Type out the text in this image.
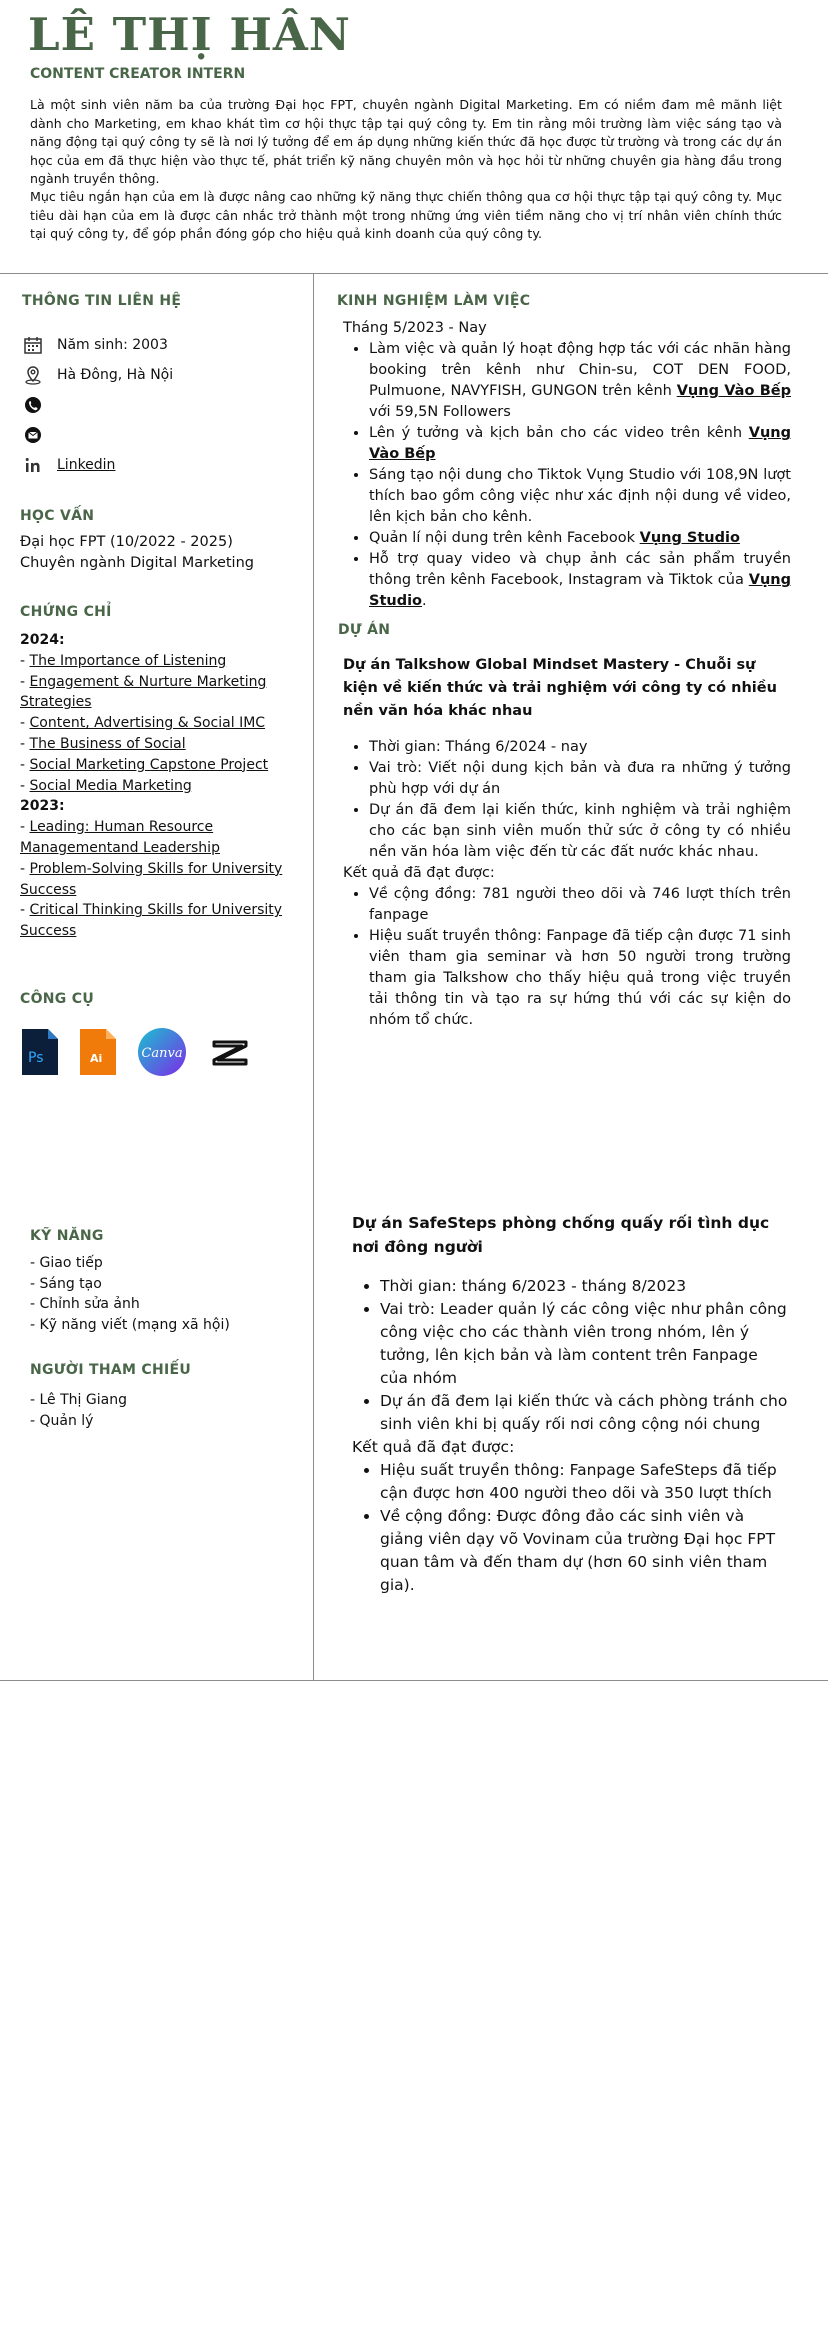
LÊ THỊ HÂN
CONTENT CREATOR INTERN

Là một sinh viên năm ba của trường Đại học FPT, chuyên ngành Digital Marketing. Em có niềm đam mê mãnh liệt dành cho Marketing, em khao khát tìm cơ hội thực tập tại quý công ty. Em tin rằng môi trường làm việc sáng tạo và năng động tại quý công ty sẽ là nơi lý tưởng để em áp dụng những kiến thức đã học được từ trường và trong các dự án học của em đã thực hiện vào thực tế, phát triển kỹ năng chuyên môn và học hỏi từ những chuyên gia hàng đầu trong ngành truyền thông.

Mục tiêu ngắn hạn của em là được nâng cao những kỹ năng thực chiến thông qua cơ hội thực tập tại quý công ty. Mục tiêu dài hạn của em là được cân nhắc trở thành một trong những ứng viên tiềm năng cho vị trí nhân viên chính thức tại quý công ty, để góp phần đóng góp cho hiệu quả kinh doanh của quý công ty.

THÔNG TIN LIÊN HỆ
Năm sinh: 2003
Hà Đông, Hà Nội
Linkedin
HỌC VẤN
Đại học FPT (10/2022 - 2025)
Chuyên ngành Digital Marketing
CHỨNG CHỈ
2024:
- The Importance of Listening
- Engagement & Nurture Marketing Strategies
- Content, Advertising & Social IMC
- The Business of Social
- Social Marketing Capstone Project
- Social Media Marketing
2023:
- Leading: Human Resource Managementand Leadership
- Problem-Solving Skills for University Success
- Critical Thinking Skills for University Success
CÔNG CỤ
Ps	Ai	Canva
KỸ NĂNG
- Giao tiếp
- Sáng tạo
- Chỉnh sửa ảnh
- Kỹ năng viết (mạng xã hội)
NGƯỜI THAM CHIẾU
- Lê Thị Giang
- Quản lý
KINH NGHIỆM LÀM VIỆC
Tháng 5/2023 - Nay
• Làm việc và quản lý hoạt động hợp tác với các nhãn hàng booking trên kênh như Chin-su, COT DEN FOOD, Pulmuone, NAVYFISH, GUNGON trên kênh Vụng Vào Bếp với 59,5N Followers
• Lên ý tưởng và kịch bản cho các video trên kênh Vụng Vào Bếp
• Sáng tạo nội dung cho Tiktok Vụng Studio với 108,9N lượt thích bao gồm công việc như xác định nội dung về video, lên kịch bản cho kênh.
• Quản lí nội dung trên kênh Facebook Vụng Studio
• Hỗ trợ quay video và chụp ảnh các sản phẩm truyền thông trên kênh Facebook, Instagram và Tiktok của Vụng Studio.
DỰ ÁN
Dự án Talkshow Global Mindset Mastery - Chuỗi sự kiện về kiến thức và trải nghiệm với công ty có nhiều nền văn hóa khác nhau
• Thời gian: Tháng 6/2024 - nay
• Vai trò: Viết nội dung kịch bản và đưa ra những ý tưởng phù hợp với dự án
• Dự án đã đem lại kiến thức, kinh nghiệm và trải nghiệm cho các bạn sinh viên muốn thử sức ở công ty có nhiều nền văn hóa làm việc đến từ các đất nước khác nhau.
Kết quả đã đạt được:
• Về cộng đồng: 781 người theo dõi và 746 lượt thích trên fanpage
• Hiệu suất truyền thông: Fanpage đã tiếp cận được 71 sinh viên tham gia seminar và hơn 50 người trong trường tham gia Talkshow cho thấy hiệu quả trong việc truyền tải thông tin và tạo ra sự hứng thú với các sự kiện do nhóm tổ chức.
Dự án SafeSteps phòng chống quấy rối tình dục nơi đông người
• Thời gian: tháng 6/2023 - tháng 8/2023
• Vai trò: Leader quản lý các công việc như phân công công việc cho các thành viên trong nhóm, lên ý tưởng, lên kịch bản và làm content trên Fanpage của nhóm
• Dự án đã đem lại kiến thức và cách phòng tránh cho sinh viên khi bị quấy rối nơi công cộng nói chung
Kết quả đã đạt được:
• Hiệu suất truyền thông: Fanpage SafeSteps đã tiếp cận được hơn 400 người theo dõi và 350 lượt thích
• Về cộng đồng: Được đông đảo các sinh viên và giảng viên dạy võ Vovinam của trường Đại học FPT quan tâm và đến tham dự (hơn 60 sinh viên tham gia).
